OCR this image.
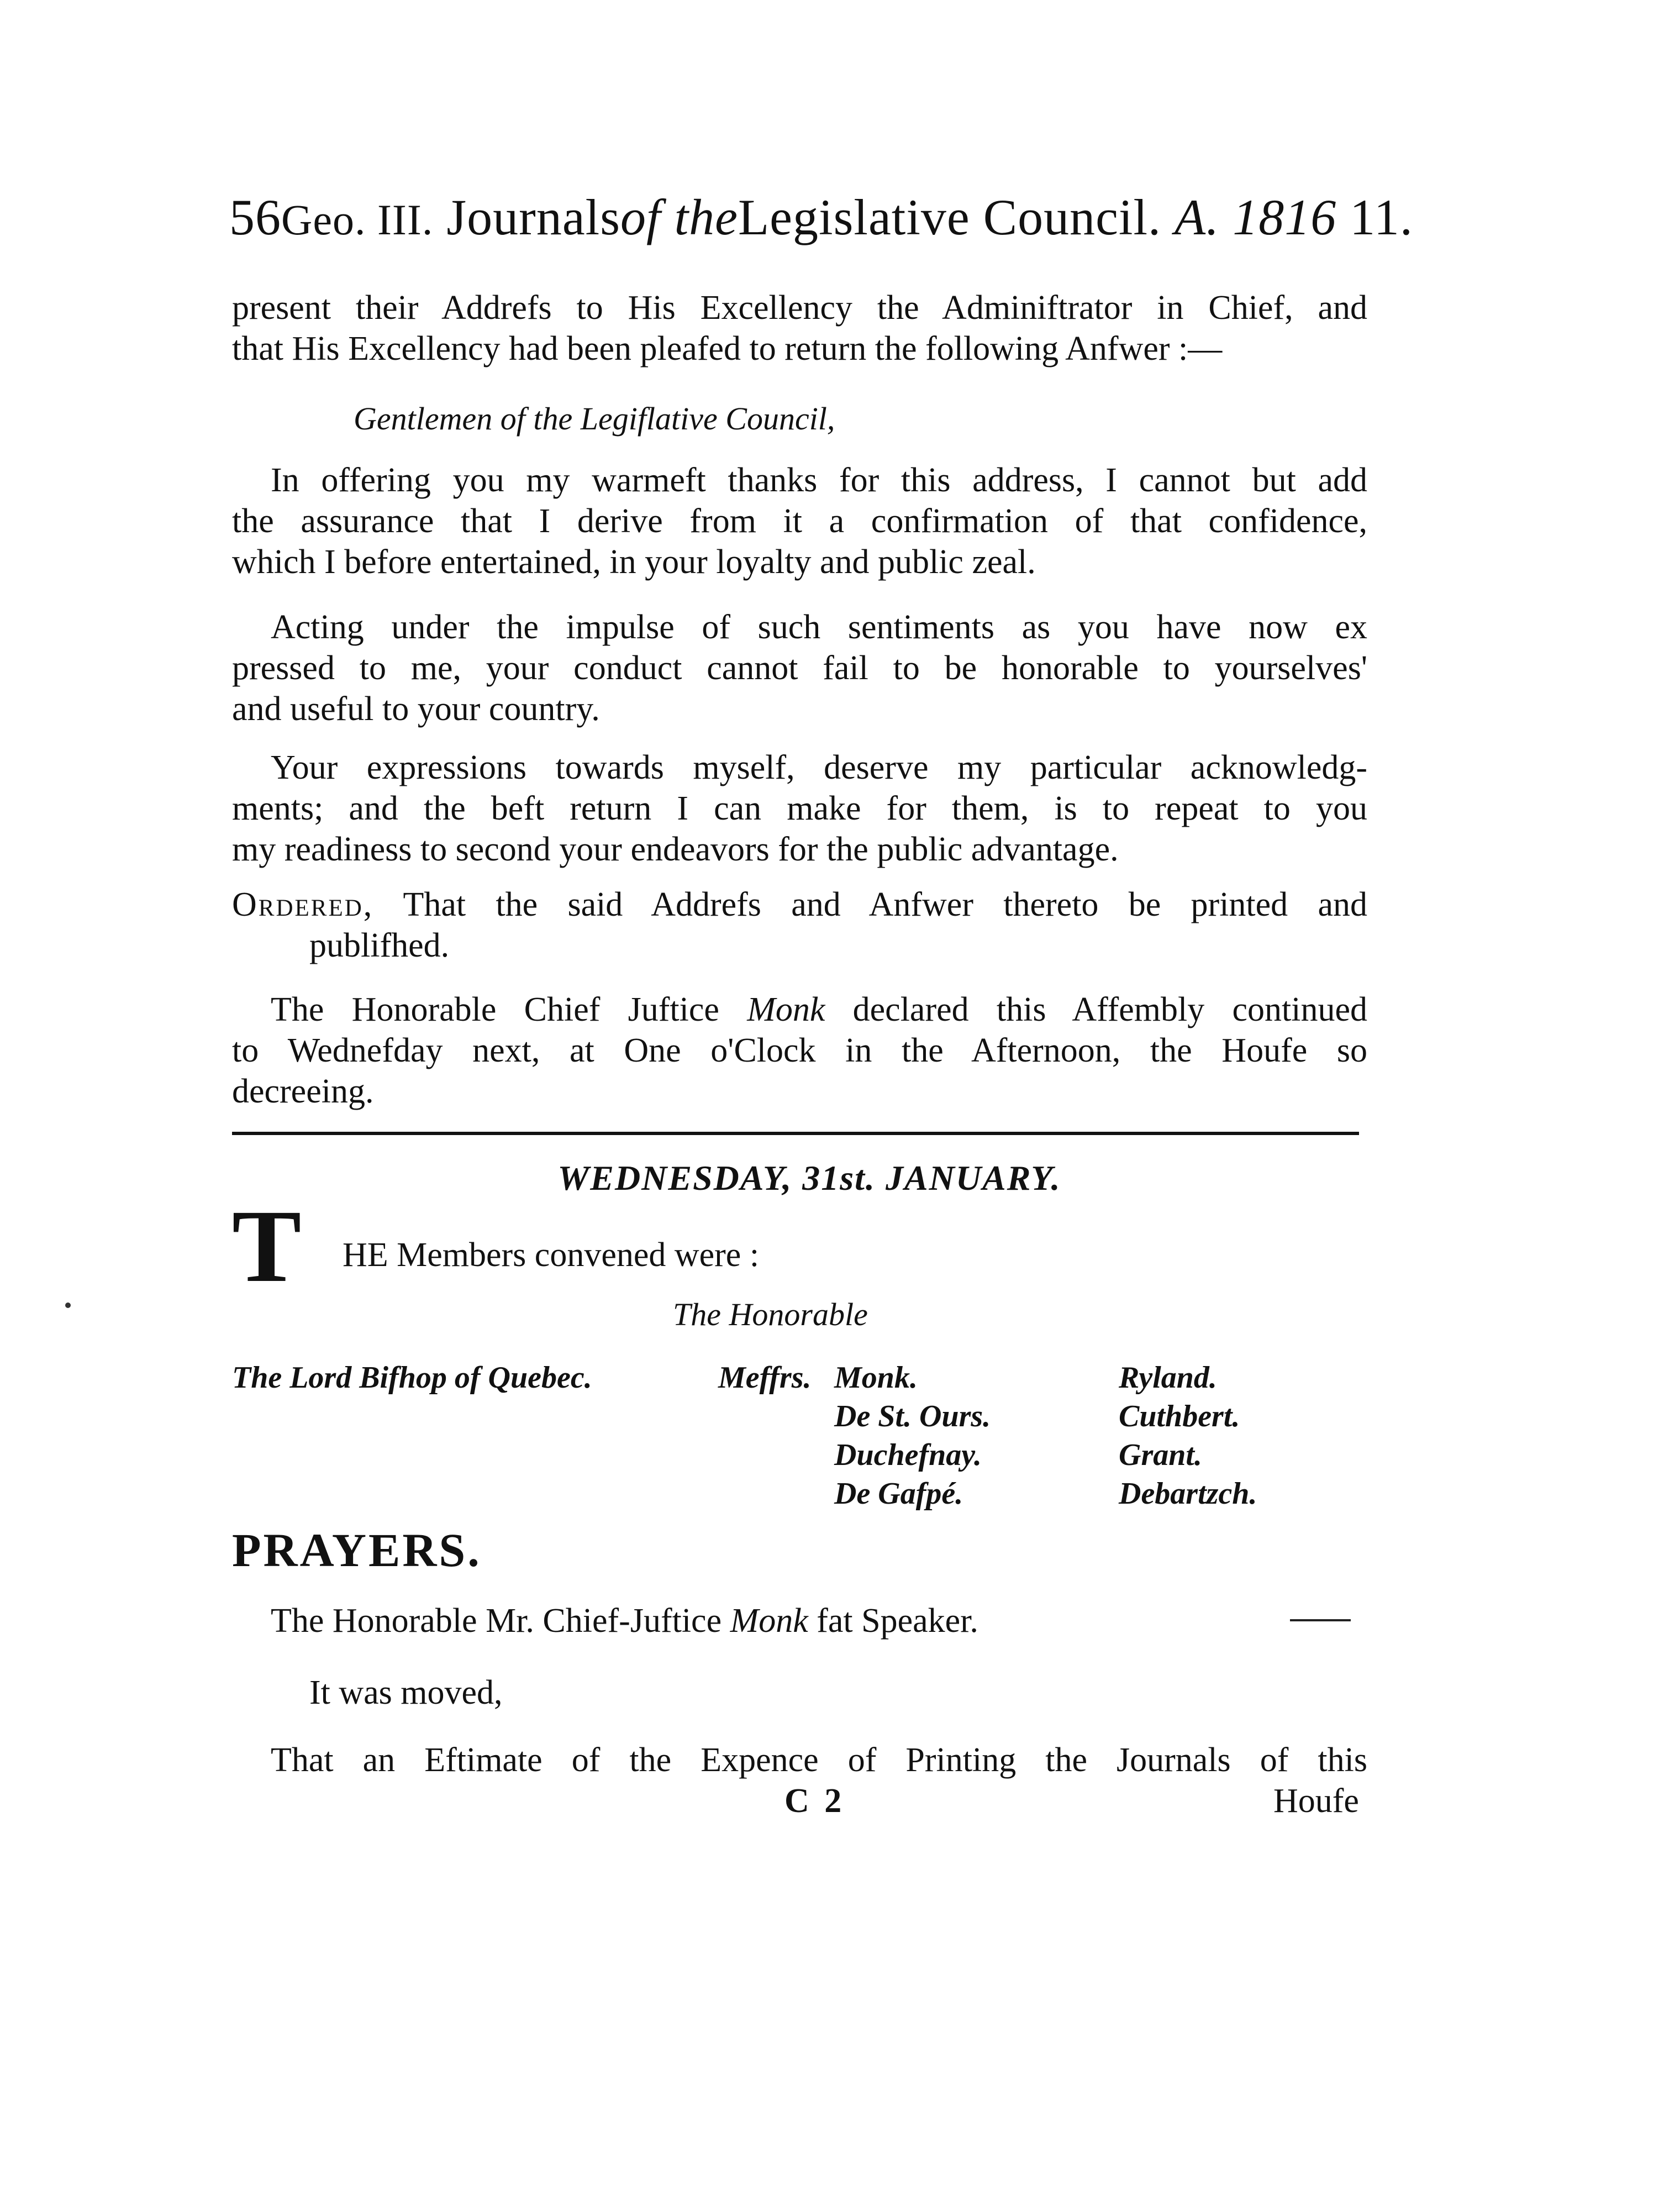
56Geo. III. Journalsof theLegislative Council. A. 1816 11.
present their Addrefs to His Excellency the Adminiftrator in Chief, and
that His Excellency had been pleafed to return the following Anfwer :—
Gentlemen of the Legiflative Council,
In offering you my warmeft thanks for this address, I cannot but add
the assurance that I derive from it a confirmation of that confidence,
which I before entertained, in your loyalty and public zeal.
Acting under the impulse of such sentiments as you have now ex
pressed to me, your conduct cannot fail to be honorable to yourselves'
and useful to your country.
Your expressions towards myself, deserve my particular acknowledg-
ments; and the beft return I can make for them, is to repeat to you
my readiness to second your endeavors for the public advantage.
Ordered, That the said Addrefs and Anfwer thereto be printed and
publifhed.
The Honorable Chief Juftice Monk declared this Affembly continued
to Wednefday next, at One o'Clock in the Afternoon, the Houfe so
decreeing.
WEDNESDAY, 31st. JANUARY.
T HE Members convened were :
The Honorable
The Lord Bifhop of Quebec.	Meffrs. Monk.
De St. Ours.
Duchefnay.
De Gafpé.
Ryland.
Cuthbert.
Grant.
Debartzch.
PRAYERS.
The Honorable Mr. Chief-Juftice Monk fat Speaker.
It was moved,
That an Eftimate of the Expence of Printing the Journals of this
C 2	Houfe
